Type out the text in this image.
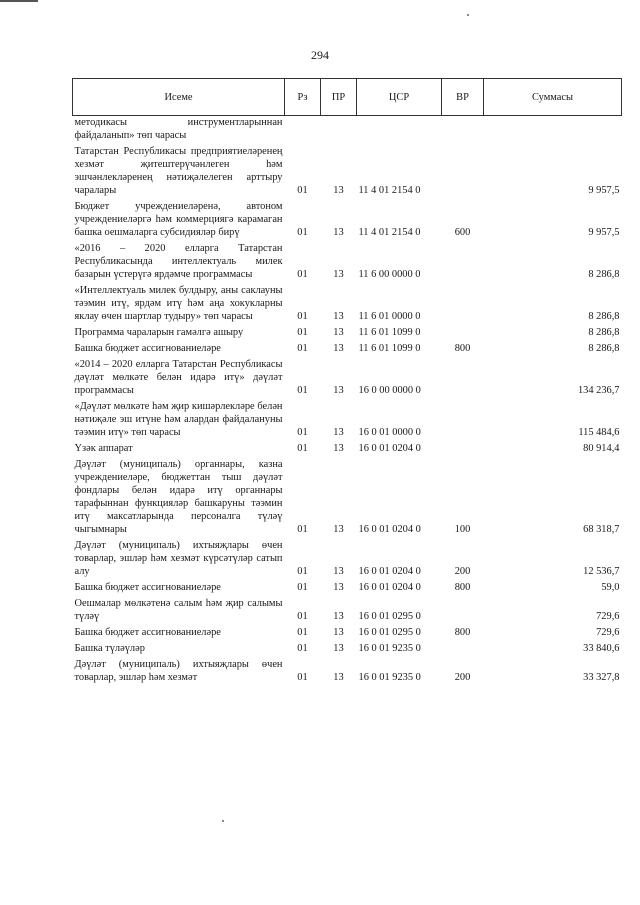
294
Исеме	Рз	ПР	ЦСР	ВР	Суммасы
методикасы инструментларыннан файдаланып» төп чарасы					
Татарстан Республикасы предприятиеләренең хезмәт җитештерүчәнлеген һәм эшчәнлекләренең нәтиҗәлелеген арттыру чаралары	01	13	11 4 01 2154 0		9 957,5
Бюджет учреждениеләренә, автоном учреждениеләргә һәм коммерциягә карамаган башка оешмаларга субсидияләр бирү	01	13	11 4 01 2154 0	600	9 957,5
«2016 – 2020 елларга Татарстан Республикасында интеллектуаль милек базарын үстерүгә ярдәмче программасы	01	13	11 6 00 0000 0		8 286,8
«Интеллектуаль милек булдыру, аны саклауны тәэмин итү, ярдәм итү һәм аңа хокукларны яклау өчен шартлар тудыру» төп чарасы	01	13	11 6 01 0000 0		8 286,8
Программа чараларын гамәлгә ашыру	01	13	11 6 01 1099 0		8 286,8
Башка бюджет ассигнованиеләре	01	13	11 6 01 1099 0	800	8 286,8
«2014 – 2020 елларга Татарстан Республикасы дәүләт мөлкәте белән идарә итү» дәүләт программасы	01	13	16 0 00 0000 0		134 236,7
«Дәүләт мөлкәте һәм җир кишәрлекләре белән нәтиҗәле эш итүне һәм алардан файдалануны тәэмин итү» төп чарасы	01	13	16 0 01 0000 0		115 484,6
Үзәк аппарат	01	13	16 0 01 0204 0		80 914,4
Дәүләт (муниципаль) органнары, казна учреждениеләре, бюджеттан тыш дәүләт фондлары белән идарә итү органнары тарафыннан функцияләр башкаруны тәэмин итү максатларында персоналга түләү чыгымнары	01	13	16 0 01 0204 0	100	68 318,7
Дәүләт (муниципаль) ихтыяҗлары өчен товарлар, эшләр һәм хезмәт күрсәтүләр сатып алу	01	13	16 0 01 0204 0	200	12 536,7
Башка бюджет ассигнованиеләре	01	13	16 0 01 0204 0	800	59,0
Оешмалар мөлкәтенә салым һәм җир салымы түләү	01	13	16 0 01 0295 0		729,6
Башка бюджет ассигнованиеләре	01	13	16 0 01 0295 0	800	729,6
Башка түләүләр	01	13	16 0 01 9235 0		33 840,6
Дәүләт (муниципаль) ихтыяҗлары өчен товарлар, эшләр һәм хезмәт	01	13	16 0 01 9235 0	200	33 327,8
